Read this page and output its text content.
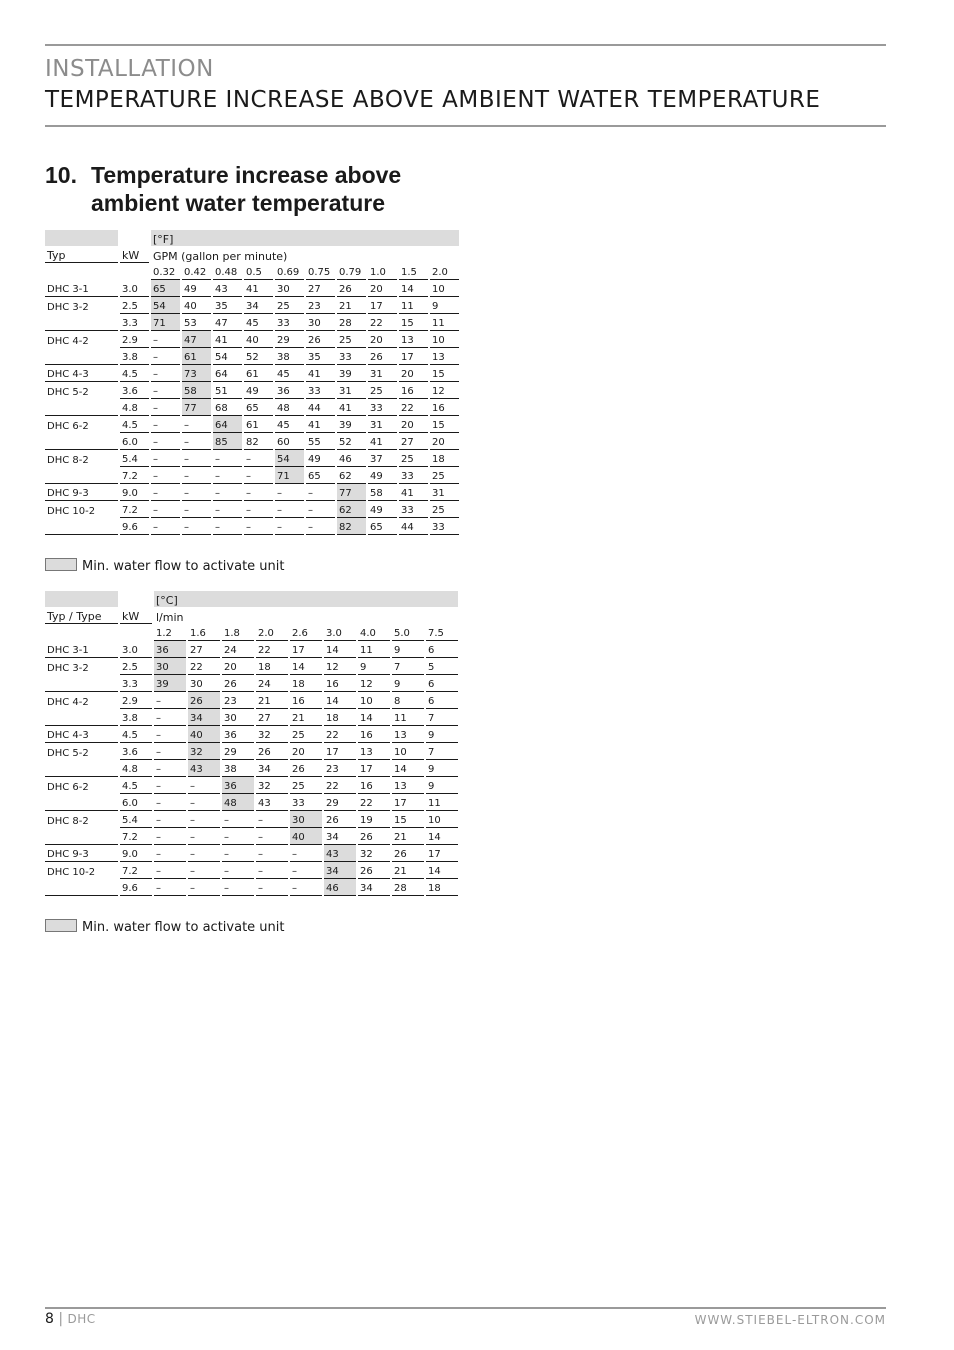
INSTALLATION
TEMPERATURE INCREASE ABOVE AMBIENT WATER TEMPERATURE
10. Temperature increase above
ambient water temperature
		[°F]									
Typ	kW	GPM (gallon per minute)									
		0.32	0.42	0.48	0.5	0.69	0.75	0.79	1.0	1.5	2.0
DHC 3-1	3.0	65	49	43	41	30	27	26	20	14	10
DHC 3-2	2.5	54	40	35	34	25	23	21	17	11	9
	3.3	71	53	47	45	33	30	28	22	15	11
DHC 4-2	2.9	–	47	41	40	29	26	25	20	13	10
	3.8	–	61	54	52	38	35	33	26	17	13
DHC 4-3	4.5	–	73	64	61	45	41	39	31	20	15
DHC 5-2	3.6	–	58	51	49	36	33	31	25	16	12
	4.8	–	77	68	65	48	44	41	33	22	16
DHC 6-2	4.5	–	–	64	61	45	41	39	31	20	15
	6.0	–	–	85	82	60	55	52	41	27	20
DHC 8-2	5.4	–	–	–	–	54	49	46	37	25	18
	7.2	–	–	–	–	71	65	62	49	33	25
DHC 9-3	9.0	–	–	–	–	–	–	77	58	41	31
DHC 10-2	7.2	–	–	–	–	–	–	62	49	33	25
	9.6	–	–	–	–	–	–	82	65	44	33
Min. water flow to activate unit
		[°C]								
Typ / Type	kW	l/min								
		1.2	1.6	1.8	2.0	2.6	3.0	4.0	5.0	7.5
DHC 3-1	3.0	36	27	24	22	17	14	11	9	6
DHC 3-2	2.5	30	22	20	18	14	12	9	7	5
	3.3	39	30	26	24	18	16	12	9	6
DHC 4-2	2.9	–	26	23	21	16	14	10	8	6
	3.8	–	34	30	27	21	18	14	11	7
DHC 4-3	4.5	–	40	36	32	25	22	16	13	9
DHC 5-2	3.6	–	32	29	26	20	17	13	10	7
	4.8	–	43	38	34	26	23	17	14	9
DHC 6-2	4.5	–	–	36	32	25	22	16	13	9
	6.0	–	–	48	43	33	29	22	17	11
DHC 8-2	5.4	–	–	–	–	30	26	19	15	10
	7.2	–	–	–	–	40	34	26	21	14
DHC 9-3	9.0	–	–	–	–	–	43	32	26	17
DHC 10-2	7.2	–	–	–	–	–	34	26	21	14
	9.6	–	–	–	–	–	46	34	28	18
Min. water flow to activate unit
8 | DHC	WWW.STIEBEL-ELTRON.COM
